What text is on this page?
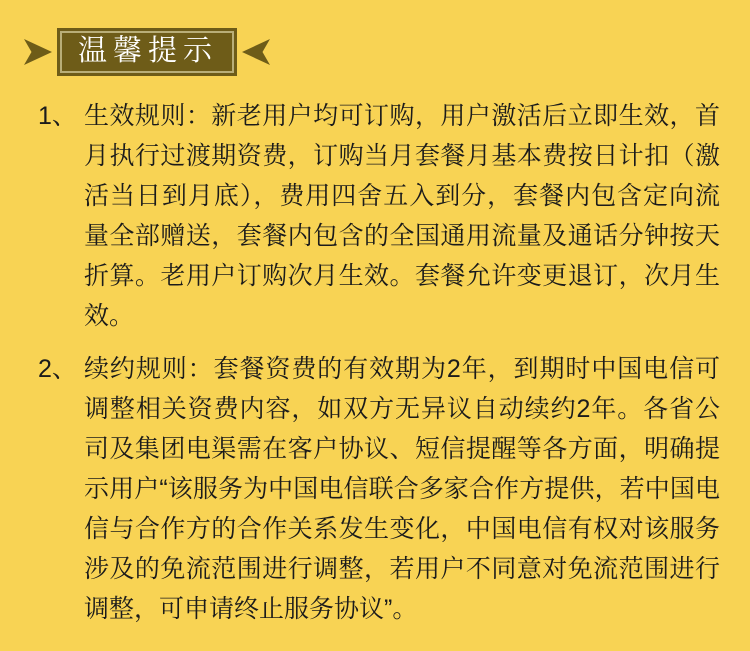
温馨提示
1、 生效规则：新老用户均可订购，用户激活后立即生效，首月执行过渡期资费，订购当月套餐月基本费按日计扣（激活当日到月底），费用四舍五入到分，套餐内包含定向流量全部赠送，套餐内包含的全国通用流量及通话分钟按天折算。老用户订购次月生效。套餐允许变更退订，次月生效。
2、 续约规则：套餐资费的有效期为2年，到期时中国电信可调整相关资费内容，如双方无异议自动续约2年。各省公司及集团电渠需在客户协议、短信提醒等各方面，明确提示用户“该服务为中国电信联合多家合作方提供，若中国电信与合作方的合作关系发生变化，中国电信有权对该服务涉及的免流范围进行调整，若用户不同意对免流范围进行调整，可申请终止服务协议”。
